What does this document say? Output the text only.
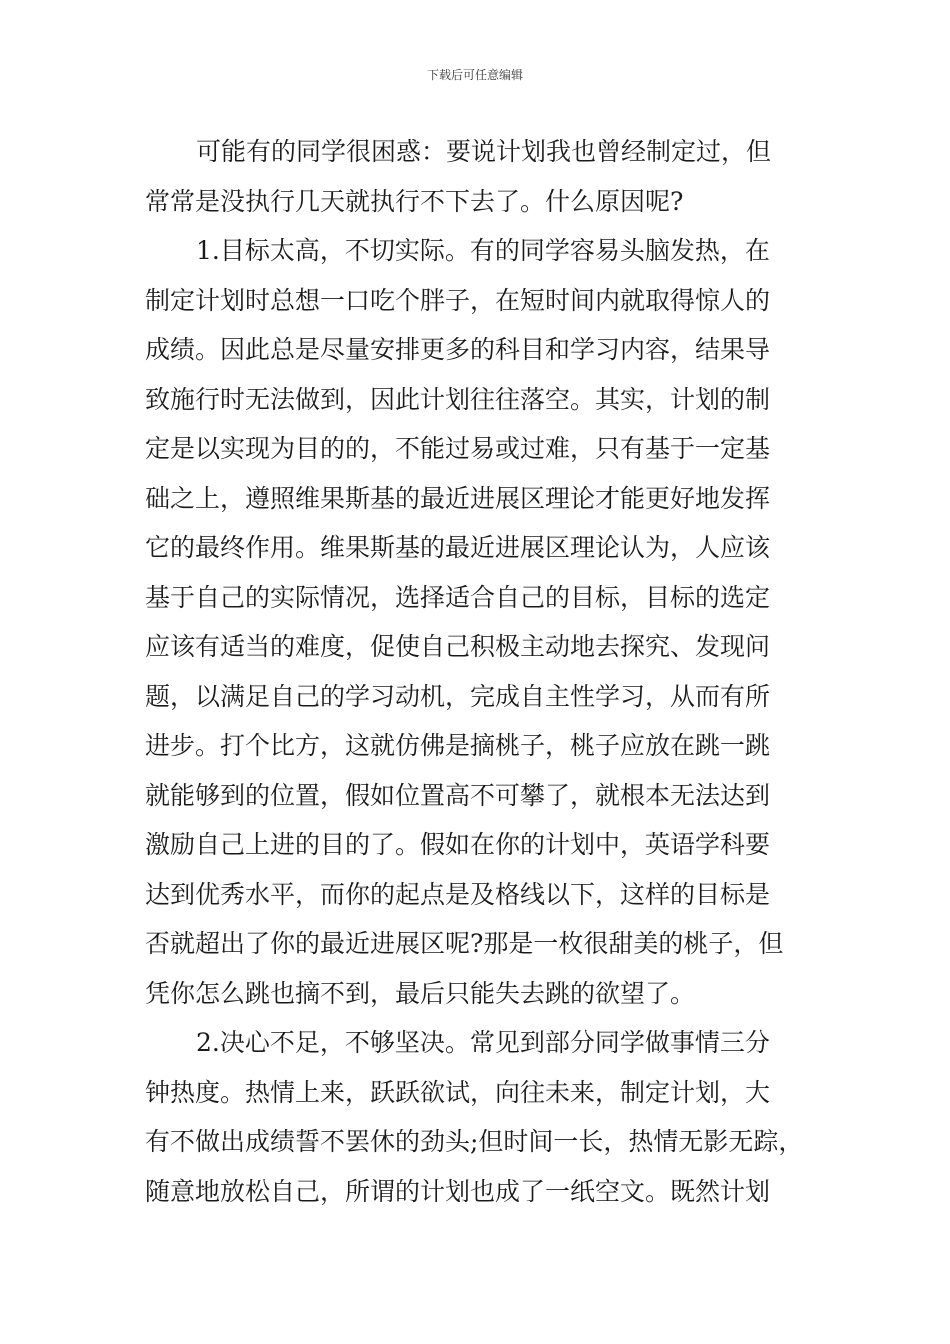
下载后可任意编辑
可能有的同学很困惑：要说计划我也曾经制定过，但
常常是没执行几天就执行不下去了。什么原因呢?
1.目标太高，不切实际。有的同学容易头脑发热，在
制定计划时总想一口吃个胖子，在短时间内就取得惊人的
成绩。因此总是尽量安排更多的科目和学习内容，结果导
致施行时无法做到，因此计划往往落空。其实，计划的制
定是以实现为目的的，不能过易或过难，只有基于一定基
础之上，遵照维果斯基的最近进展区理论才能更好地发挥
它的最终作用。维果斯基的最近进展区理论认为，人应该
基于自己的实际情况，选择适合自己的目标，目标的选定
应该有适当的难度，促使自己积极主动地去探究、发现问
题，以满足自己的学习动机，完成自主性学习，从而有所
进步。打个比方，这就仿佛是摘桃子，桃子应放在跳一跳
就能够到的位置，假如位置高不可攀了，就根本无法达到
激励自己上进的目的了。假如在你的计划中，英语学科要
达到优秀水平，而你的起点是及格线以下，这样的目标是
否就超出了你的最近进展区呢?那是一枚很甜美的桃子，但
凭你怎么跳也摘不到，最后只能失去跳的欲望了。
2.决心不足，不够坚决。常见到部分同学做事情三分
钟热度。热情上来，跃跃欲试，向往未来，制定计划，大
有不做出成绩誓不罢休的劲头;但时间一长，热情无影无踪，
随意地放松自己，所谓的计划也成了一纸空文。既然计划
